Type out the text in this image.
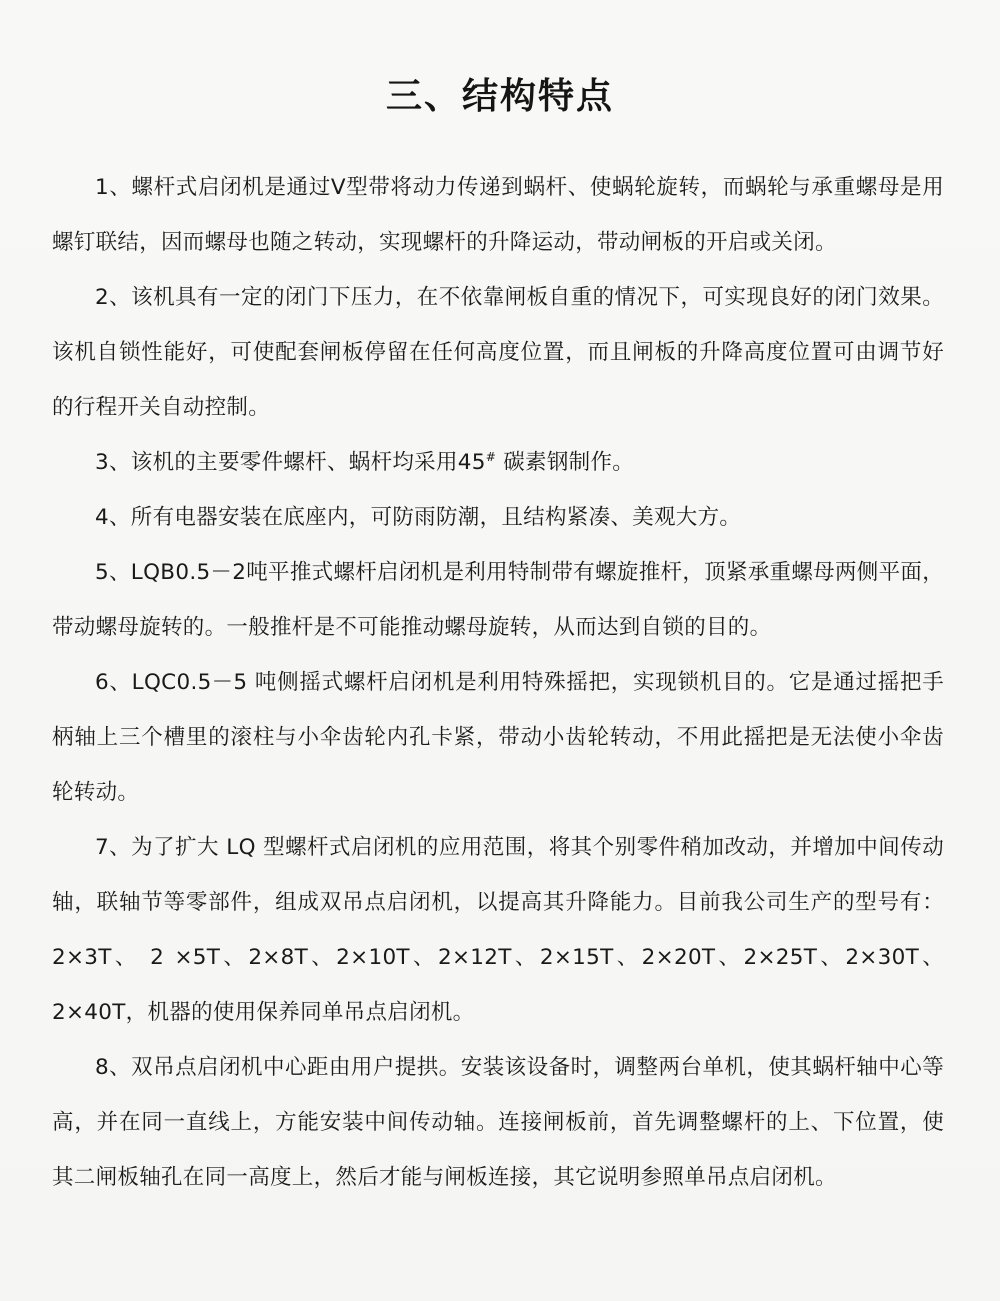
三、结构特点

1、螺杆式启闭机是通过V型带将动力传递到蜗杆、使蜗轮旋转，而蜗轮与承重螺母是用螺钉联结，因而螺母也随之转动，实现螺杆的升降运动，带动闸板的开启或关闭。

2、该机具有一定的闭门下压力，在不依靠闸板自重的情况下，可实现良好的闭门效果。该机自锁性能好，可使配套闸板停留在任何高度位置，而且闸板的升降高度位置可由调节好的行程开关自动控制。

3、该机的主要零件螺杆、蜗杆均采用45# 碳素钢制作。

4、所有电器安装在底座内，可防雨防潮，且结构紧凑、美观大方。

5、LQB0.5－2吨平推式螺杆启闭机是利用特制带有螺旋推杆，顶紧承重螺母两侧平面，带动螺母旋转的。一般推杆是不可能推动螺母旋转，从而达到自锁的目的。

6、LQC0.5－5 吨侧摇式螺杆启闭机是利用特殊摇把，实现锁机目的。它是通过摇把手柄轴上三个槽里的滚柱与小伞齿轮内孔卡紧，带动小齿轮转动，不用此摇把是无法使小伞齿轮转动。

7、为了扩大 LQ 型螺杆式启闭机的应用范围，将其个别零件稍加改动，并增加中间传动轴，联轴节等零部件，组成双吊点启闭机，以提高其升降能力。目前我公司生产的型号有：2×3T、 2 ×5T、2×8T、2×10T、2×12T、2×15T、2×20T、2×25T、2×30T、2×40T，机器的使用保养同单吊点启闭机。

8、双吊点启闭机中心距由用户提拱。安装该设备时，调整两台单机，使其蜗杆轴中心等高，并在同一直线上，方能安装中间传动轴。连接闸板前，首先调整螺杆的上、下位置，使其二闸板轴孔在同一高度上，然后才能与闸板连接，其它说明参照单吊点启闭机。
